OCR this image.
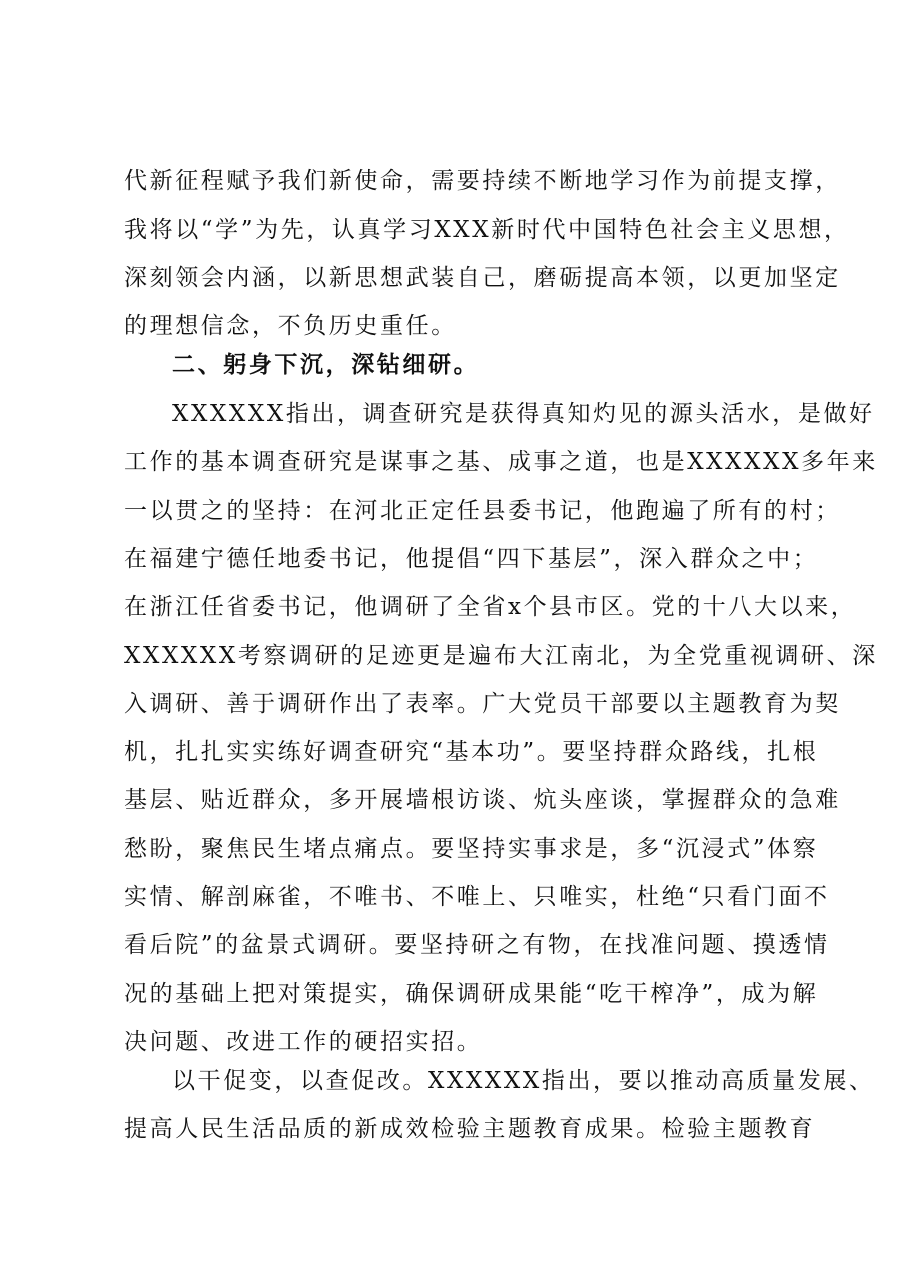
代新征程赋予我们新使命，需要持续不断地学习作为前提支撑，
我将以“学”为先，认真学习XXX新时代中国特色社会主义思想，
深刻领会内涵，以新思想武装自己，磨砺提高本领，以更加坚定
的理想信念，不负历史重任。
二、躬身下沉，深钻细研。
XXXXXX指出，调查研究是获得真知灼见的源头活水，是做好
工作的基本调查研究是谋事之基、成事之道，也是XXXXXX多年来
一以贯之的坚持：在河北正定任县委书记，他跑遍了所有的村；
在福建宁德任地委书记，他提倡“四下基层”，深入群众之中；
在浙江任省委书记，他调研了全省x个县市区。党的十八大以来，
XXXXXX考察调研的足迹更是遍布大江南北，为全党重视调研、深
入调研、善于调研作出了表率。广大党员干部要以主题教育为契
机，扎扎实实练好调查研究“基本功”。要坚持群众路线，扎根
基层、贴近群众，多开展墙根访谈、炕头座谈，掌握群众的急难
愁盼，聚焦民生堵点痛点。要坚持实事求是，多“沉浸式”体察
实情、解剖麻雀，不唯书、不唯上、只唯实，杜绝“只看门面不
看后院”的盆景式调研。要坚持研之有物，在找准问题、摸透情
况的基础上把对策提实，确保调研成果能“吃干榨净”，成为解
决问题、改进工作的硬招实招。
以干促变，以查促改。XXXXXX指出，要以推动高质量发展、
提高人民生活品质的新成效检验主题教育成果。检验主题教育
